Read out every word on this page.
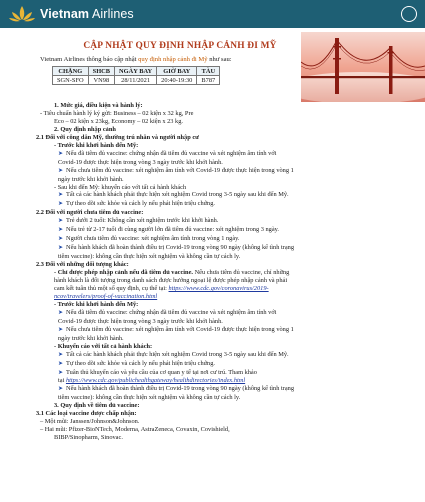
Vietnam Airlines
CẬP NHẬT QUY ĐỊNH NHẬP CẢNH ĐI MỸ
Vietnam Airlines thông báo cập nhật quy định nhập cảnh đi Mỹ như sau:
CHẶNG	SHCB	NGÀY BAY	GIỜ BAY	TÀU
SGN-SFO	VN98	28/11/2021	20:40-19:30	B787

1. Mức giá, điều kiện và hành lý:

- Tiêu chuẩn hành lý ký gửi: Business – 02 kiện x 32 kg, Pre

Eco – 02 kiện x 23kg, Economy – 02 kiện x 23 kg.

2. Quy định nhập cảnh

2.1 Đối với công dân Mỹ, thường trú nhân và người nhập cư

- Trước khi khởi hành đến Mỹ:

➤ Nếu đã tiêm đủ vaccine: chứng nhận đã tiêm đủ vaccine và xét nghiệm âm tính với

Covid-19 được thực hiện trong vòng 3 ngày trước khi khởi hành.

➤ Nếu chưa tiêm đủ vaccine: xét nghiệm âm tính với Covid-19 được thực hiện trong vòng 1

ngày trước khi khởi hành.

- Sau khi đến Mỹ: khuyến cáo với tất cả hành khách

➤ Tất cả các hành khách phải thực hiện xét nghiệm Covid trong 3-5 ngày sau khi đến Mỹ.

➤ Tự theo dõi sức khỏe và cách ly nếu phát hiện triệu chứng.

2.2 Đối với người chưa tiêm đủ vaccine:

➤ Trẻ dưới 2 tuổi: Không cần xét nghiệm trước khi khởi hành.

➤ Nếu trẻ từ 2-17 tuổi đi cùng người lớn đã tiêm đủ vaccine: xét nghiệm trong 3 ngày.

➤ Người chưa tiêm đủ vaccine: xét nghiệm âm tính trong vòng 1 ngày.

➤ Nếu hành khách đã hoàn thành điều trị Covid-19 trong vòng 90 ngày (không kể tình trạng

tiêm vaccine): không cần thực hiện xét nghiệm và không cần tự cách ly.

2.3 Đối với những đối tượng khác:

- Chỉ được phép nhập cảnh nếu đã tiêm đủ vaccine. Nếu chưa tiêm đủ vaccine, chỉ những

hành khách là đối tượng trong danh sách được hưởng ngoại lệ được phép nhập cảnh và phải

cam kết tuân thủ một số quy định, cụ thể tại: https://www.cdc.gov/coronavirus/2019-

ncov/travelers/proof-of-vaccination.html

- Trước khi khởi hành đến Mỹ:

➤ Nếu đã tiêm đủ vaccine: chứng nhận đã tiêm đủ vaccine và xét nghiệm âm tính với

Covid-19 được thực hiện trong vòng 3 ngày trước khi khởi hành.

➤ Nếu chưa tiêm đủ vaccine: xét nghiệm âm tính với Covid-19 được thực hiện trong vòng 1

ngày trước khi khởi hành.

- Khuyến cáo với tất cả hành khách:

➤ Tất cả các hành khách phải thực hiện xét nghiệm Covid trong 3-5 ngày sau khi đến Mỹ.

➤ Tự theo dõi sức khỏe và cách ly nếu phát hiện triệu chứng.

➤ Tuân thủ khuyến cáo và yêu cầu của cơ quan y tế tại nơi cư trú. Tham khảo

tại https://www.cdc.gov/publichealthgateway/healthdirectories/index.html

➤ Nếu hành khách đã hoàn thành điều trị Covid-19 trong vòng 90 ngày (không kể tình trạng

tiêm vaccine): không cần thực hiện xét nghiệm và không cần tự cách ly.

3. Quy định về tiêm đủ vaccine:

3.1 Các loại vaccine được chấp nhận:

– Một mũi: Janssen/Johnson&Johnson.

– Hai mũi: Pfizer-BioNTech, Moderna, AstraZeneca, Covaxin, Covishield,

BIBP/Sinopharm, Sinovac.
